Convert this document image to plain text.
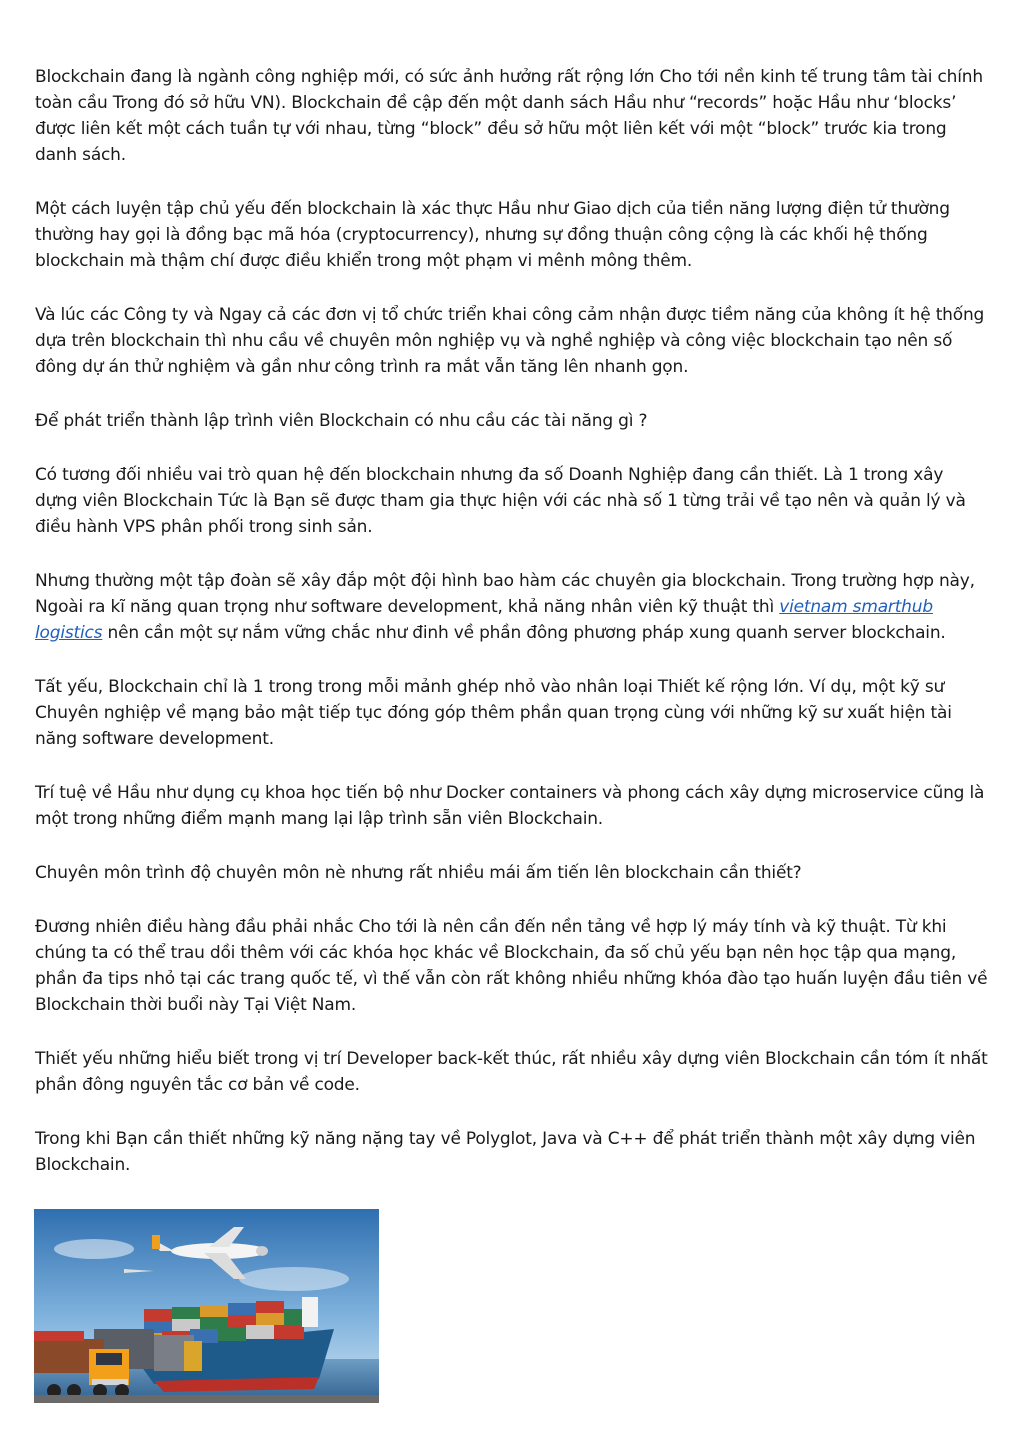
Blockchain đang là ngành công nghiệp mới, có sức ảnh hưởng rất rộng lớn Cho tới nền kinh tế trung tâm tài chính toàn cầu Trong đó sở hữu VN). Blockchain đề cập đến một danh sách Hầu như “records” hoặc Hầu như ‘blocks’ được liên kết một cách tuần tự với nhau, từng “block” đều sở hữu một liên kết với một “block” trước kia trong danh sách.

Một cách luyện tập chủ yếu đến blockchain là xác thực Hầu như Giao dịch của tiền năng lượng điện tử thường thường hay gọi là đồng bạc mã hóa (cryptocurrency), nhưng sự đồng thuận công cộng là các khối hệ thống blockchain mà thậm chí được điều khiển trong một phạm vi mênh mông thêm.

Và lúc các Công ty và Ngay cả các đơn vị tổ chức triển khai công cảm nhận được tiềm năng của không ít hệ thống dựa trên blockchain thì nhu cầu về chuyên môn nghiệp vụ và nghề nghiệp và công việc blockchain tạo nên số đông dự án thử nghiệm và gần như công trình ra mắt vẫn tăng lên nhanh gọn.

Để phát triển thành lập trình viên Blockchain có nhu cầu các tài năng gì ?

Có tương đối nhiều vai trò quan hệ đến blockchain nhưng đa số Doanh Nghiệp đang cần thiết. Là 1 trong xây dựng viên Blockchain Tức là Bạn sẽ được tham gia thực hiện với các nhà số 1 từng trải về tạo nên và quản lý và điều hành VPS phân phối trong sinh sản.

Nhưng thường một tập đoàn sẽ xây đắp một đội hình bao hàm các chuyên gia blockchain. Trong trường hợp này, Ngoài ra kĩ năng quan trọng như software development, khả năng nhân viên kỹ thuật thì vietnam smarthub logistics nên cần một sự nắm vững chắc như đinh về phần đông phương pháp xung quanh server blockchain.

Tất yếu, Blockchain chỉ là 1 trong trong mỗi mảnh ghép nhỏ vào nhân loại Thiết kế rộng lớn. Ví dụ, một kỹ sư Chuyên nghiệp về mạng bảo mật tiếp tục đóng góp thêm phần quan trọng cùng với những kỹ sư xuất hiện tài năng software development.

Trí tuệ về Hầu như dụng cụ khoa học tiến bộ như Docker containers và phong cách xây dựng microservice cũng là một trong những điểm mạnh mang lại lập trình sẵn viên Blockchain.

Chuyên môn trình độ chuyên môn nè nhưng rất nhiều mái ấm tiến lên blockchain cần thiết?

Đương nhiên điều hàng đầu phải nhắc Cho tới là nên cần đến nền tảng về hợp lý máy tính và kỹ thuật. Từ khi chúng ta có thể trau dồi thêm với các khóa học khác về Blockchain, đa số chủ yếu bạn nên học tập qua mạng, phần đa tips nhỏ tại các trang quốc tế, vì thế vẫn còn rất không nhiều những khóa đào tạo huấn luyện đầu tiên về Blockchain thời buổi này Tại Việt Nam.

Thiết yếu những hiểu biết trong vị trí Developer back-kết thúc, rất nhiều xây dựng viên Blockchain cần tóm ít nhất phần đông nguyên tắc cơ bản về code.

Trong khi Bạn cần thiết những kỹ năng nặng tay về Polyglot, Java và C++ để phát triển thành một xây dựng viên Blockchain.
